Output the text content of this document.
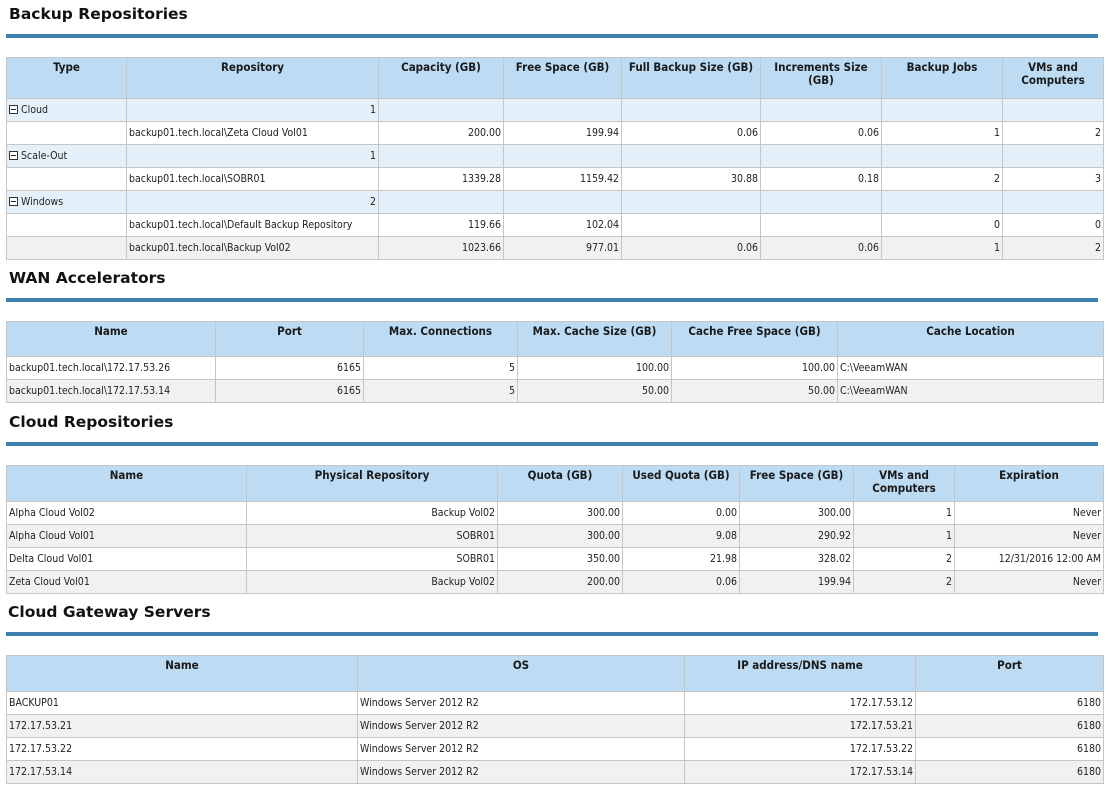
Backup Repositories
Type	Repository	Capacity (GB)	Free Space (GB)	Full Backup Size (GB)	Increments Size (GB)	Backup Jobs	VMs and Computers
Cloud	1						
	backup01.tech.local\Zeta Cloud Vol01	200.00	199.94	0.06	0.06	1	2
Scale-Out	1						
	backup01.tech.local\SOBR01	1339.28	1159.42	30.88	0.18	2	3
Windows	2						
	backup01.tech.local\Default Backup Repository	119.66	102.04			0	0
	backup01.tech.local\Backup Vol02	1023.66	977.01	0.06	0.06	1	2
WAN Accelerators
Name	Port	Max. Connections	Max. Cache Size (GB)	Cache Free Space (GB)	Cache Location
backup01.tech.local\172.17.53.26	6165	5	100.00	100.00	C:\VeeamWAN
backup01.tech.local\172.17.53.14	6165	5	50.00	50.00	C:\VeeamWAN
Cloud Repositories
Name	Physical Repository	Quota (GB)	Used Quota (GB)	Free Space (GB)	VMs and Computers	Expiration
Alpha Cloud Vol02	Backup Vol02	300.00	0.00	300.00	1	Never
Alpha Cloud Vol01	SOBR01	300.00	9.08	290.92	1	Never
Delta Cloud Vol01	SOBR01	350.00	21.98	328.02	2	12/31/2016 12:00 AM
Zeta Cloud Vol01	Backup Vol02	200.00	0.06	199.94	2	Never
Cloud Gateway Servers
Name	OS	IP address/DNS name	Port
BACKUP01	Windows Server 2012 R2	172.17.53.12	6180
172.17.53.21	Windows Server 2012 R2	172.17.53.21	6180
172.17.53.22	Windows Server 2012 R2	172.17.53.22	6180
172.17.53.14	Windows Server 2012 R2	172.17.53.14	6180
